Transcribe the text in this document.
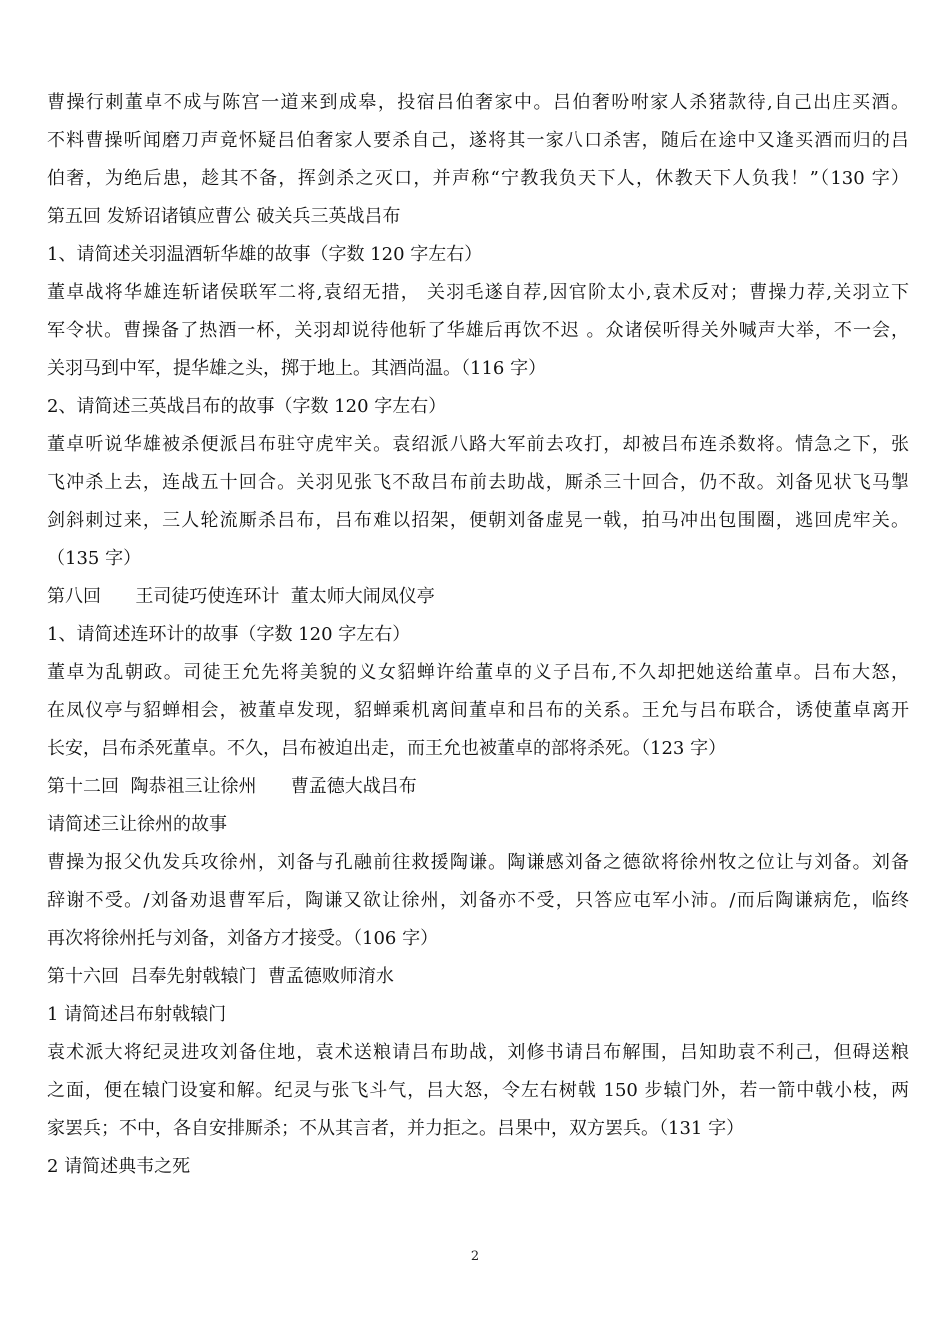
曹操行刺董卓不成与陈宫一道来到成皋，投宿吕伯奢家中。吕伯奢吩咐家人杀猪款待,自己出庄买酒。
不料曹操听闻磨刀声竟怀疑吕伯奢家人要杀自己，遂将其一家八口杀害，随后在途中又逢买酒而归的吕
伯奢，为绝后患，趁其不备，挥剑杀之灭口，并声称“宁教我负天下人，休教天下人负我！”（130 字）
第五回 发矫诏诸镇应曹公 破关兵三英战吕布
1、请简述关羽温酒斩华雄的故事（字数 120 字左右）
董卓战将华雄连斩诸侯联军二将,袁绍无措， 关羽毛遂自荐,因官阶太小,袁术反对；曹操力荐,关羽立下
军令状。曹操备了热酒一杯，关羽却说待他斩了华雄后再饮不迟 。众诸侯听得关外喊声大举，不一会，
关羽马到中军，提华雄之头，掷于地上。其酒尚温。（116 字）
2、请简述三英战吕布的故事（字数 120 字左右）
董卓听说华雄被杀便派吕布驻守虎牢关。袁绍派八路大军前去攻打，却被吕布连杀数将。情急之下，张
飞冲杀上去，连战五十回合。关羽见张飞不敌吕布前去助战，厮杀三十回合，仍不敌。刘备见状飞马掣
剑斜刺过来，三人轮流厮杀吕布，吕布难以招架，便朝刘备虚晃一戟，拍马冲出包围圈，逃回虎牢关。
（135 字）
第八回      王司徒巧使连环计  董太师大闹凤仪亭
1、请简述连环计的故事（字数 120 字左右）
董卓为乱朝政。司徒王允先将美貌的义女貂蝉许给董卓的义子吕布,不久却把她送给董卓。吕布大怒，
在凤仪亭与貂蝉相会，被董卓发现，貂蝉乘机离间董卓和吕布的关系。王允与吕布联合，诱使董卓离开
长安，吕布杀死董卓。不久，吕布被迫出走，而王允也被董卓的部将杀死。（123 字）
第十二回  陶恭祖三让徐州      曹孟德大战吕布
请简述三让徐州的故事
曹操为报父仇发兵攻徐州，刘备与孔融前往救援陶谦。陶谦感刘备之德欲将徐州牧之位让与刘备。刘备
辞谢不受。/刘备劝退曹军后，陶谦又欲让徐州，刘备亦不受，只答应屯军小沛。/而后陶谦病危，临终
再次将徐州托与刘备，刘备方才接受。（106 字）
第十六回  吕奉先射戟辕门  曹孟德败师淯水
1 请简述吕布射戟辕门
袁术派大将纪灵进攻刘备住地，袁术送粮请吕布助战，刘修书请吕布解围，吕知助袁不利己，但碍送粮
之面，便在辕门设宴和解。纪灵与张飞斗气，吕大怒，令左右树戟 150 步辕门外，若一箭中戟小枝，两
家罢兵；不中，各自安排厮杀；不从其言者，并力拒之。吕果中，双方罢兵。（131 字）
2 请简述典韦之死
2
